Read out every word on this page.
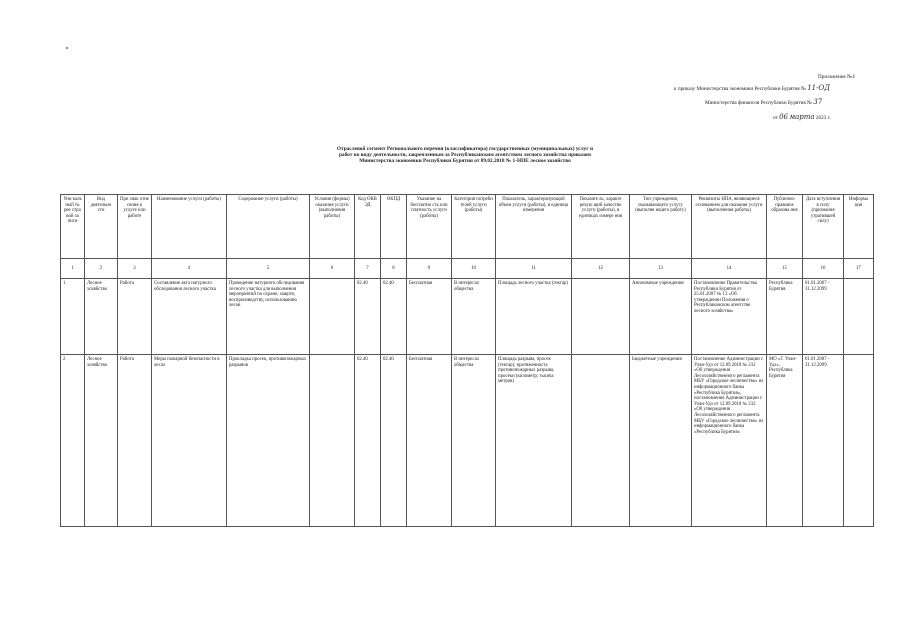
Приложение №4
к приказу Министерства экономики Республики Бурятия № 11-ОД
Министерства финансов Республики Бурятия № 37
от 06 марта 2023 г.
Отраслевой сегмент Регионального перечня (классификатора) государственных (муниципальных) услуг и работ по виду деятельности, закрепленным за Республиканским агентством лесного хозяйства приказом Министерства экономики Республики Бурятия от 09.02.2018 № 1-НПЕ лесное хозяйство
Уни каль ный № рее стро вой за писи	Вид деятельно сти	При знак отне сения к услуге или работе	Наименование услуги (работы)	Содержание услуги (работы)	Условия (формы) оказания услуги (выполнения работы)	Код ОКВ ЭД	ОКПД	Указание на бесплатно сть или платность услуги (работы)	Категория потреби телей услуги (работы)	Показатель, характеризующий объем услуги (работы), в единица измерения	Показате ль, характе ризую щий качество услуги (работы), в единицах измере ния	Тип учреждения, оказывающего услугу (выполня ющего работу)	Реквизиты НПА, являющиеся основанием для оказания услуги (выполнения работы)	Публично-правовое образова ние	Дата вступления в силу (признания утратившей силу)	Информа ция
1	2	3	4	5	6	7	8	9	10	11	12	13	14	15	16	17
1	Лесное хозяйство	Работа	Составление акта натурного обследования лесного участка	Проведение натурного обследования лесного участка для выполнения мероприятий по охране, защите, воспроизводству, использованию лесов		02.40	02.40	Бесплатная	В интересах общества	Площадь лесного участка (гектар)		Автономные учреждения	Постановление Правительства Республики Бурятия от 25.01.2007 № 13 «Об утверждении Положения о Республиканском агентстве лесного хозяйства»	Республика Бурятия	01.01.2007 - 31.12.2099	
2	Лесное хозяйство	Работа	Меры пожарной безопасности в лесах	Прокладка просек, противопожарных разрывов		02.40	02.40	Бесплатная	В интересах общества	Площадь разрыва, просек (гектар); протяженность противопожарных разрыва, просеки (километр; тысяча метров)		Бюджетные учреждения	Постановление Администрации г. Улан-Удэ от 12.09.2018 № 232 «Об утверждении Лесохозяйственного регламента МБУ «Городское лесничество» из информационного банка «Республика Бурятия», постановление Администрации г. Улан-Удэ от 12.09.2018 № 232 «Об утверждении Лесохозяйственного регламента МБУ «Городское лесничество» из информационного банка «Республика Бурятия»	МО «Г. Улан-Удэ», Республика Бурятия	01.01.2007 - 31.12.2099	
